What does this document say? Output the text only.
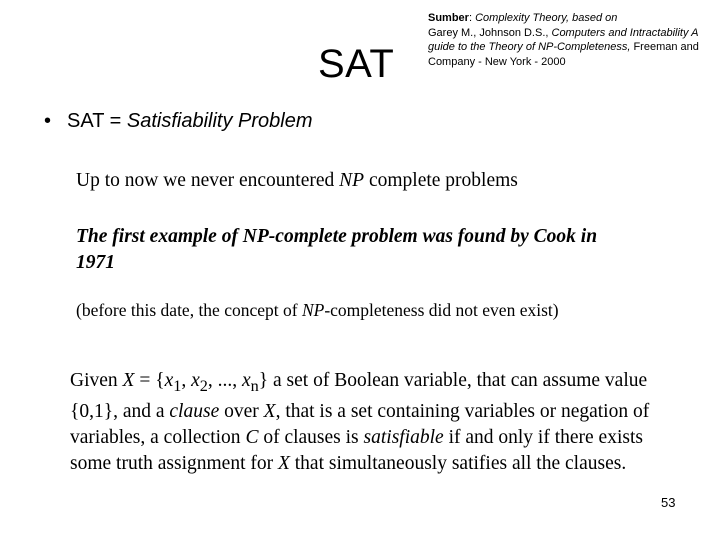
SAT
Sumber: Complexity Theory, based on
Garey M., Johnson D.S., Computers and Intractability A guide to the Theory of NP-Completeness, Freeman and Company - New York - 2000
• SAT = Satisfiability Problem
Up to now we never encountered NP complete problems
The first example of NP-complete problem was found by Cook in 1971
(before this date, the concept of NP-completeness did not even exist)
Given $X = \{x_1$, $x_2$, ..., $x_n$} a set of Boolean variable, that can assume value {0,1}, and a clause over X, that is a set containing variables or negation of variables, a collection C of clauses is satisfiable if and only if there exists some truth assignment for X that simultaneously satifies all the clauses.
53
